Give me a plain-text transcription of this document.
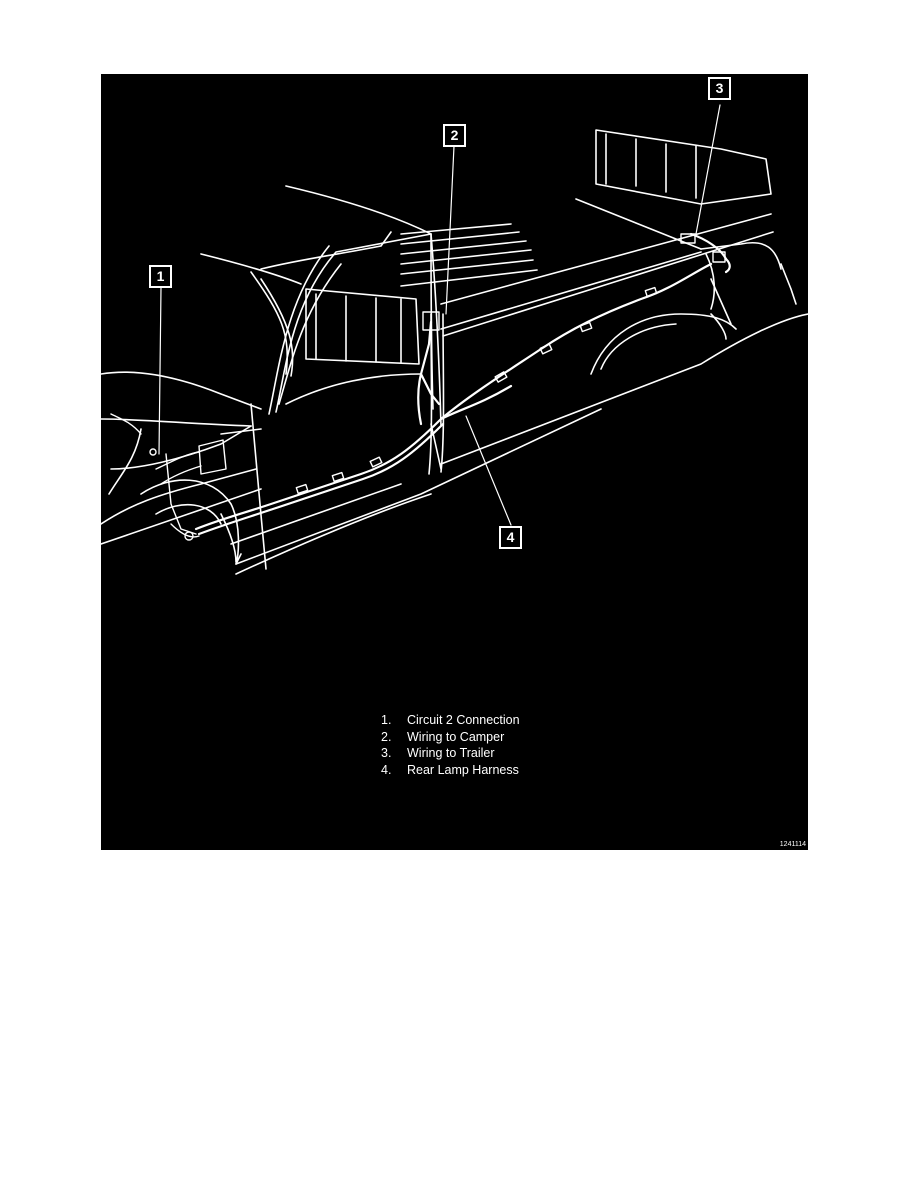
1
2
3
4
1. Circuit 2 Connection
2. Wiring to Camper
3. Wiring to Trailer
4. Rear Lamp Harness
1241114
